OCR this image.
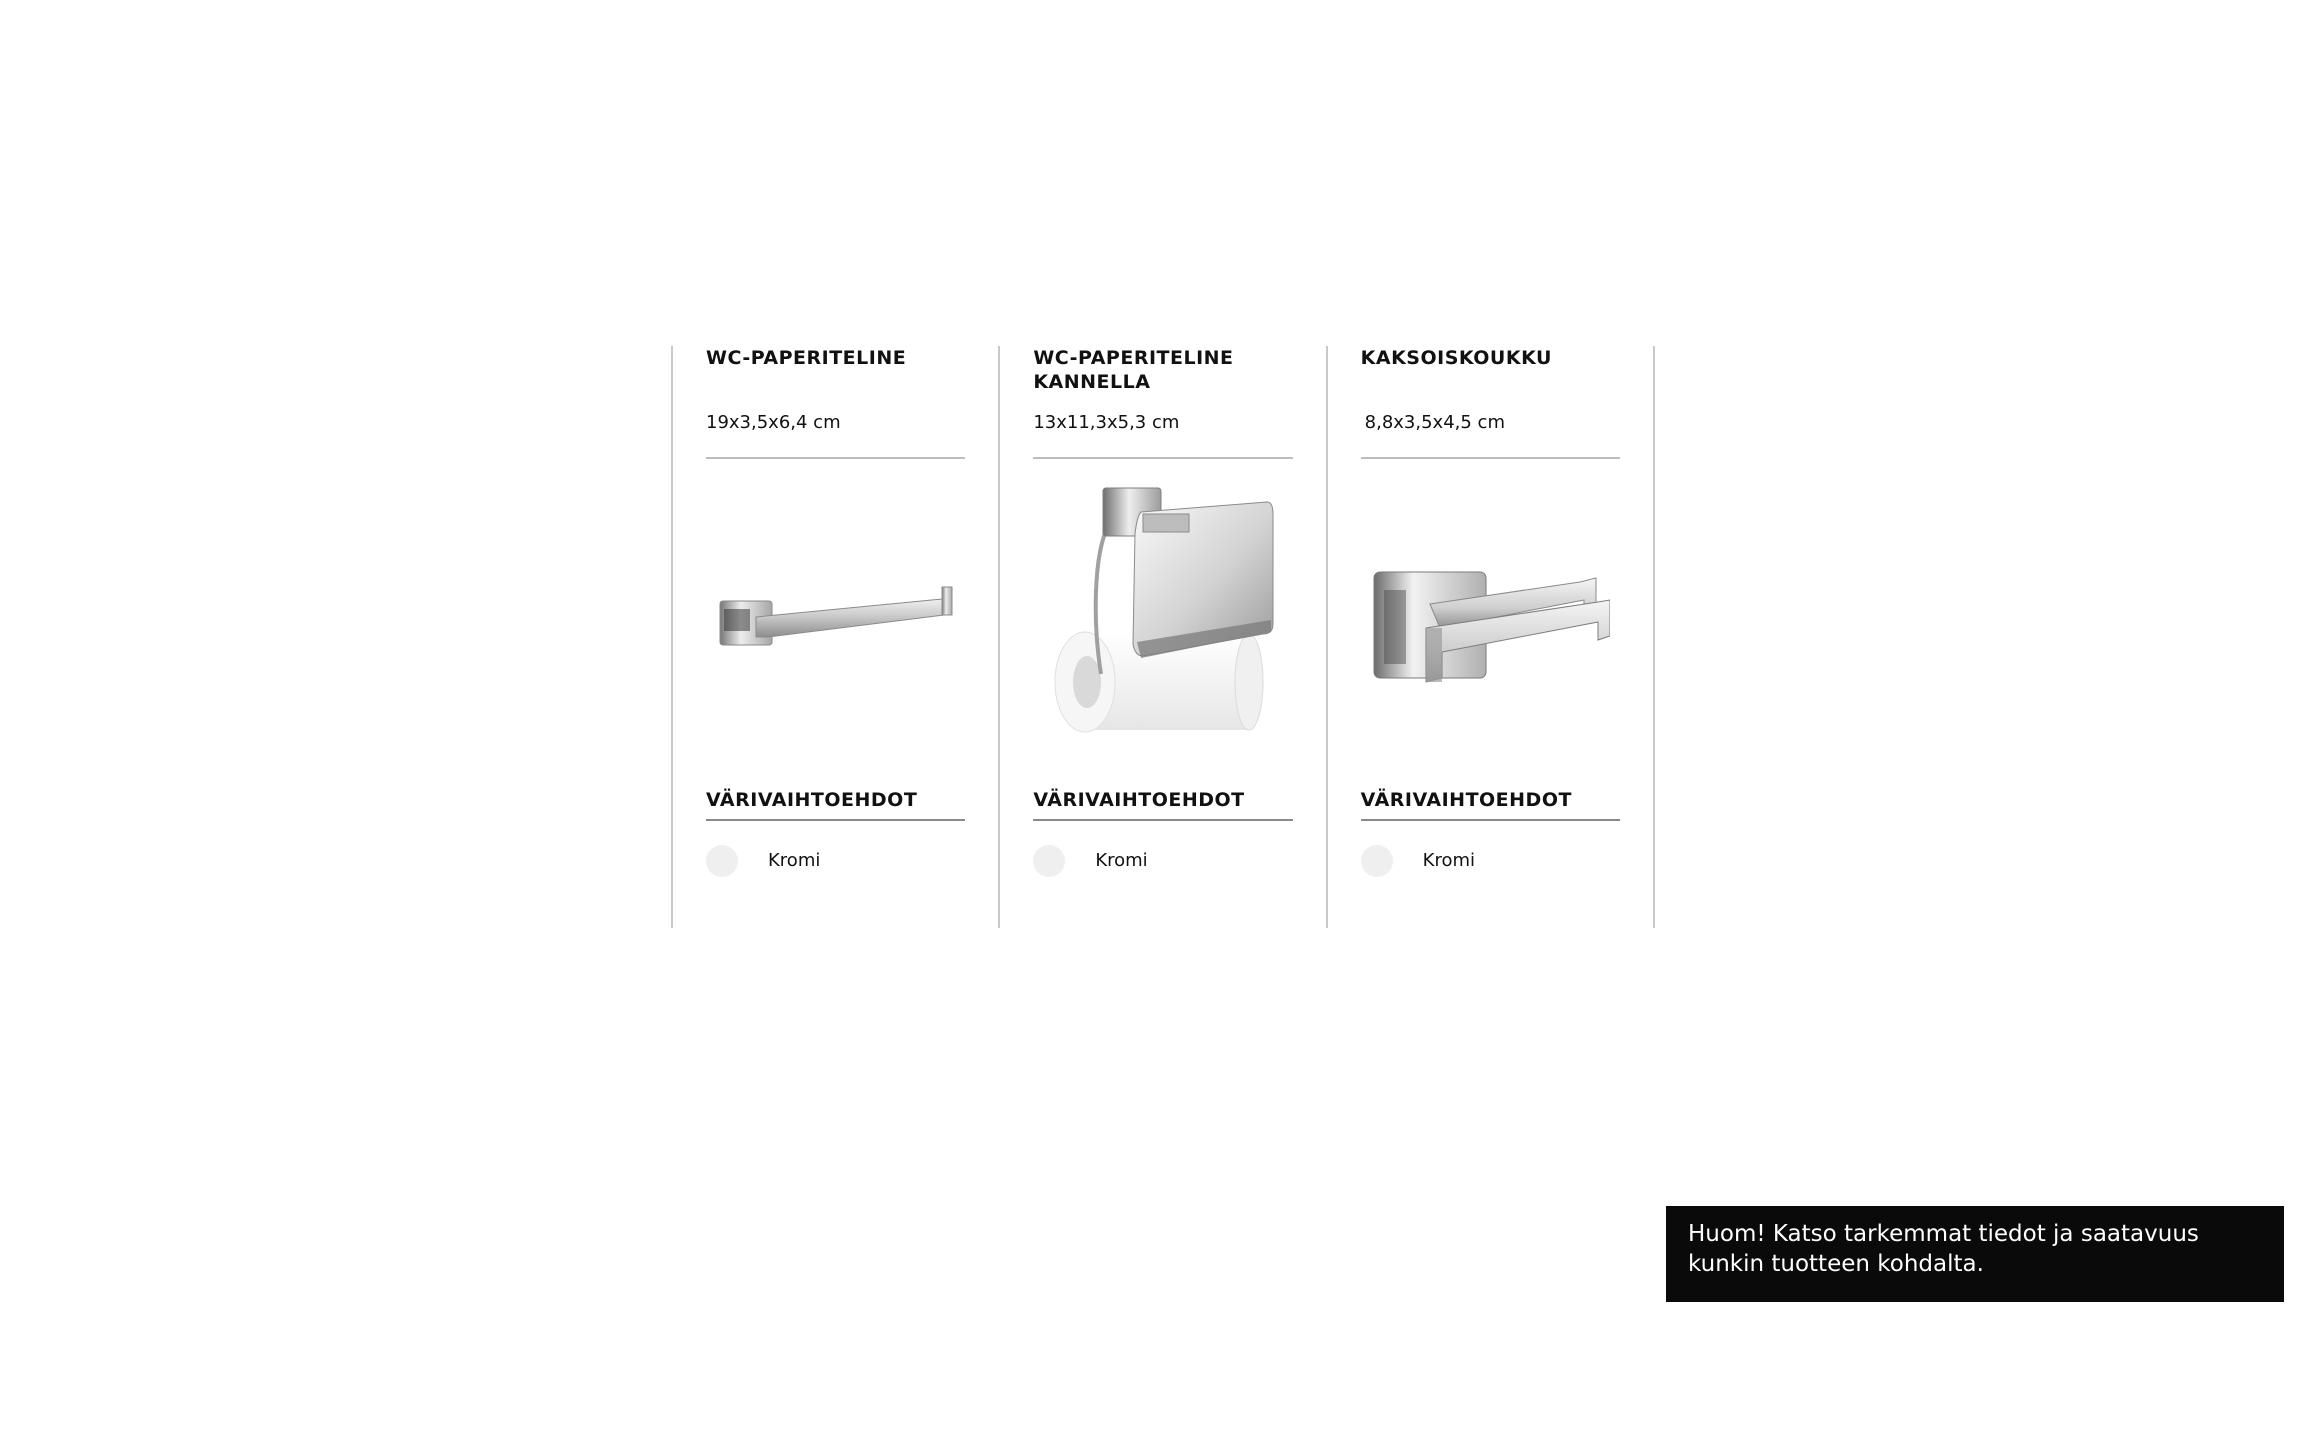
WC-PAPERITELINE
19x3,5x6,4 cm
VÄRIVAIHTOEHDOT
Kromi
WC-PAPERITELINE KANNELLA
13x11,3x5,3 cm
VÄRIVAIHTOEHDOT
Kromi
KAKSOISKOUKKU
8,8x3,5x4,5 cm
VÄRIVAIHTOEHDOT
Kromi
Huom! Katso tarkemmat tiedot ja saatavuus kunkin tuotteen kohdalta.
